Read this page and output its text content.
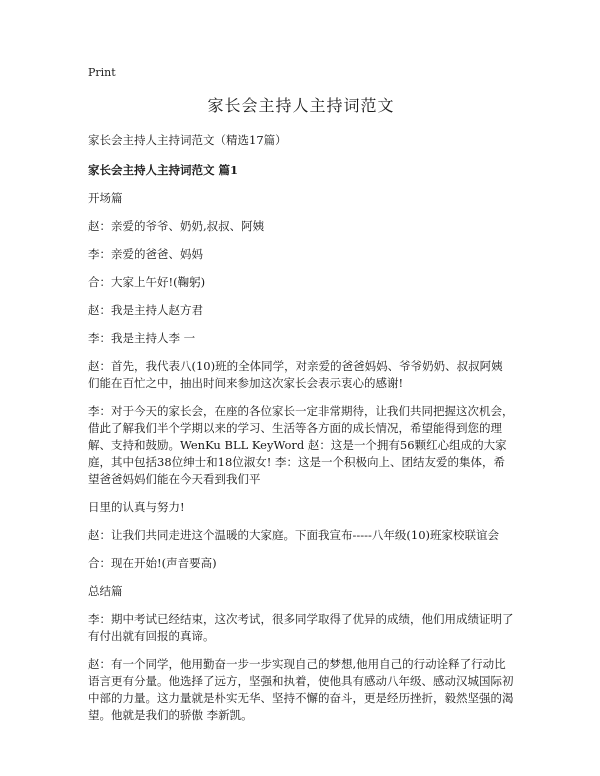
Print
家长会主持人主持词范文
家长会主持人主持词范文（精选17篇）
家长会主持人主持词范文 篇1

开场篇

赵：亲爱的爷爷、奶奶,叔叔、阿姨

李：亲爱的爸爸、妈妈

合：大家上午好!(鞠躬)

赵：我是主持人赵方君

李：我是主持人李 一

赵：首先，我代表八(10)班的全体同学，对亲爱的爸爸妈妈、爷爷奶奶、叔叔阿姨们能在百忙之中，抽出时间来参加这次家长会表示衷心的感谢!

李：对于今天的家长会，在座的各位家长一定非常期待，让我们共同把握这次机会，借此了解我们半个学期以来的学习、生活等各方面的成长情况，希望能得到您的理解、支持和鼓励。WenKu BLL KeyWord 赵：这是一个拥有56颗红心组成的大家庭，其中包括38位绅士和18位淑女! 李：这是一个积极向上、团结友爱的集体，希望爸爸妈妈们能在今天看到我们平

日里的认真与努力!

赵：让我们共同走进这个温暖的大家庭。下面我宣布-----八年级(10)班家校联谊会

合：现在开始!(声音要高)

总结篇

李：期中考试已经结束，这次考试，很多同学取得了优异的成绩，他们用成绩证明了有付出就有回报的真谛。

赵：有一个同学，他用勤奋一步一步实现自己的梦想,他用自己的行动诠释了行动比语言更有分量。他选择了远方，坚强和执着，使他具有感动八年级、感动汉城国际初中部的力量。这力量就是朴实无华、坚持不懈的奋斗，更是经历挫折，毅然坚强的渴望。他就是我们的骄傲 李新凯。
